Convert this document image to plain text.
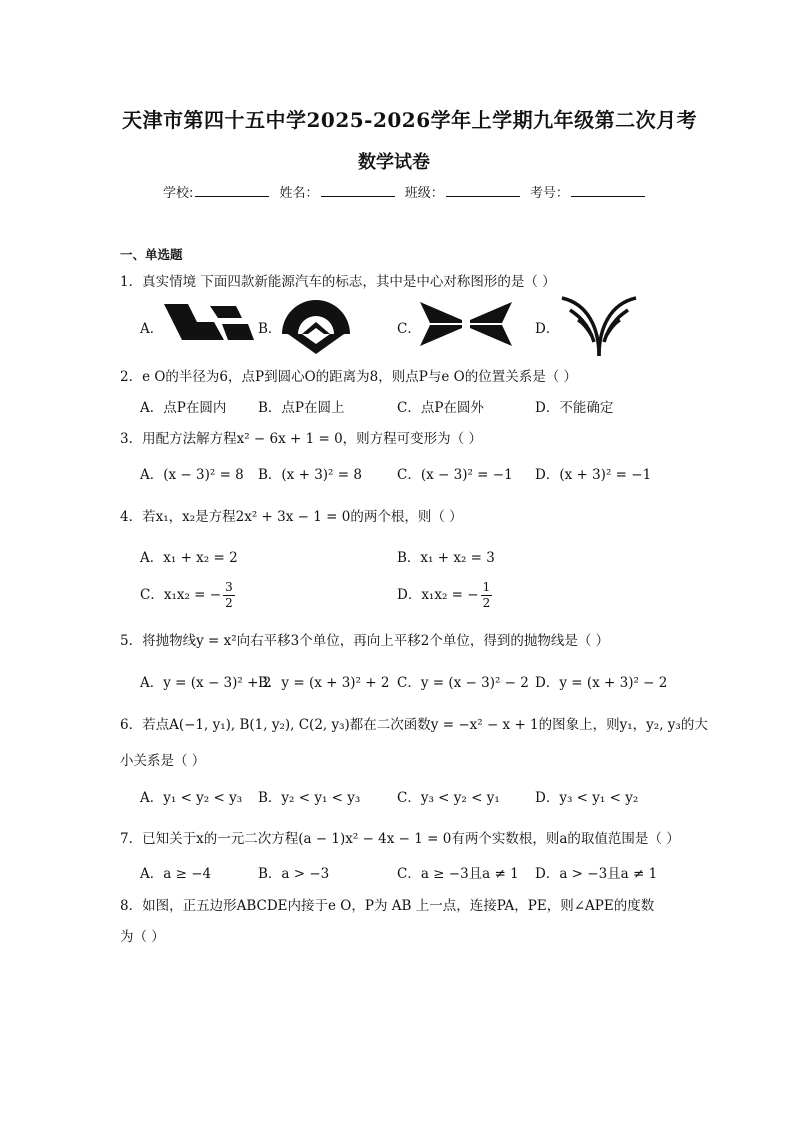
天津市第四十五中学2025-2026学年上学期九年级第二次月考
数学试卷
学校:	姓名：	班级：	考号：
一、单选题
1．真实情境 下面四款新能源汽车的标志，其中是中心对称图形的是（ ）
A．	B．	C．	D．
2．e O的半径为6，点P到圆心O的距离为8，则点P与e O的位置关系是（ ）
A．点P在圆内 B．点P在圆上	C．点P在圆外	D．不能确定
3．用配方法解方程x² − 6x + 1 = 0，则方程可变形为（ ）
A．(x − 3)² = 8 B．(x + 3)² = 8	C．(x − 3)² = −1 D．(x + 3)² = −1
4．若x₁，x₂是方程2x² + 3x − 1 = 0的两个根，则（ ）
A．x₁ + x₂ = 2	B．x₁ + x₂ = 3
C．x₁x₂ = − $\frac{3}{2}$	D．x₁x₂ = − $\frac{1}{2}$
5．将抛物线y = x²向右平移3个单位，再向上平移2个单位，得到的抛物线是（ ）
A．y = (x − 3)² + 2
B．y = (x + 3)² + 2 C．y = (x − 3)² − 2 D．y = (x + 3)² − 2
6．若点A(−1, y₁), B(1, y₂), C(2, y₃)都在二次函数y = −x² − x + 1的图象上，则y₁，y₂, y₃的大
小关系是（ ）
A．y₁ < y₂ < y₃ B．y₂ < y₁ < y₃	C．y₃ < y₂ < y₁	D．y₃ < y₁ < y₂
7．已知关于x的一元二次方程(a − 1)x² − 4x − 1 = 0有两个实数根，则a的取值范围是（ ）
A．a ≥ −4	B．a > −3	C．a ≥ −3且a ≠ 1 D．a > −3且a ≠ 1
8．如图，正五边形ABCDE内接于e O，P为 AB 上一点，连接PA，PE，则∠APE的度数
为（ ）
